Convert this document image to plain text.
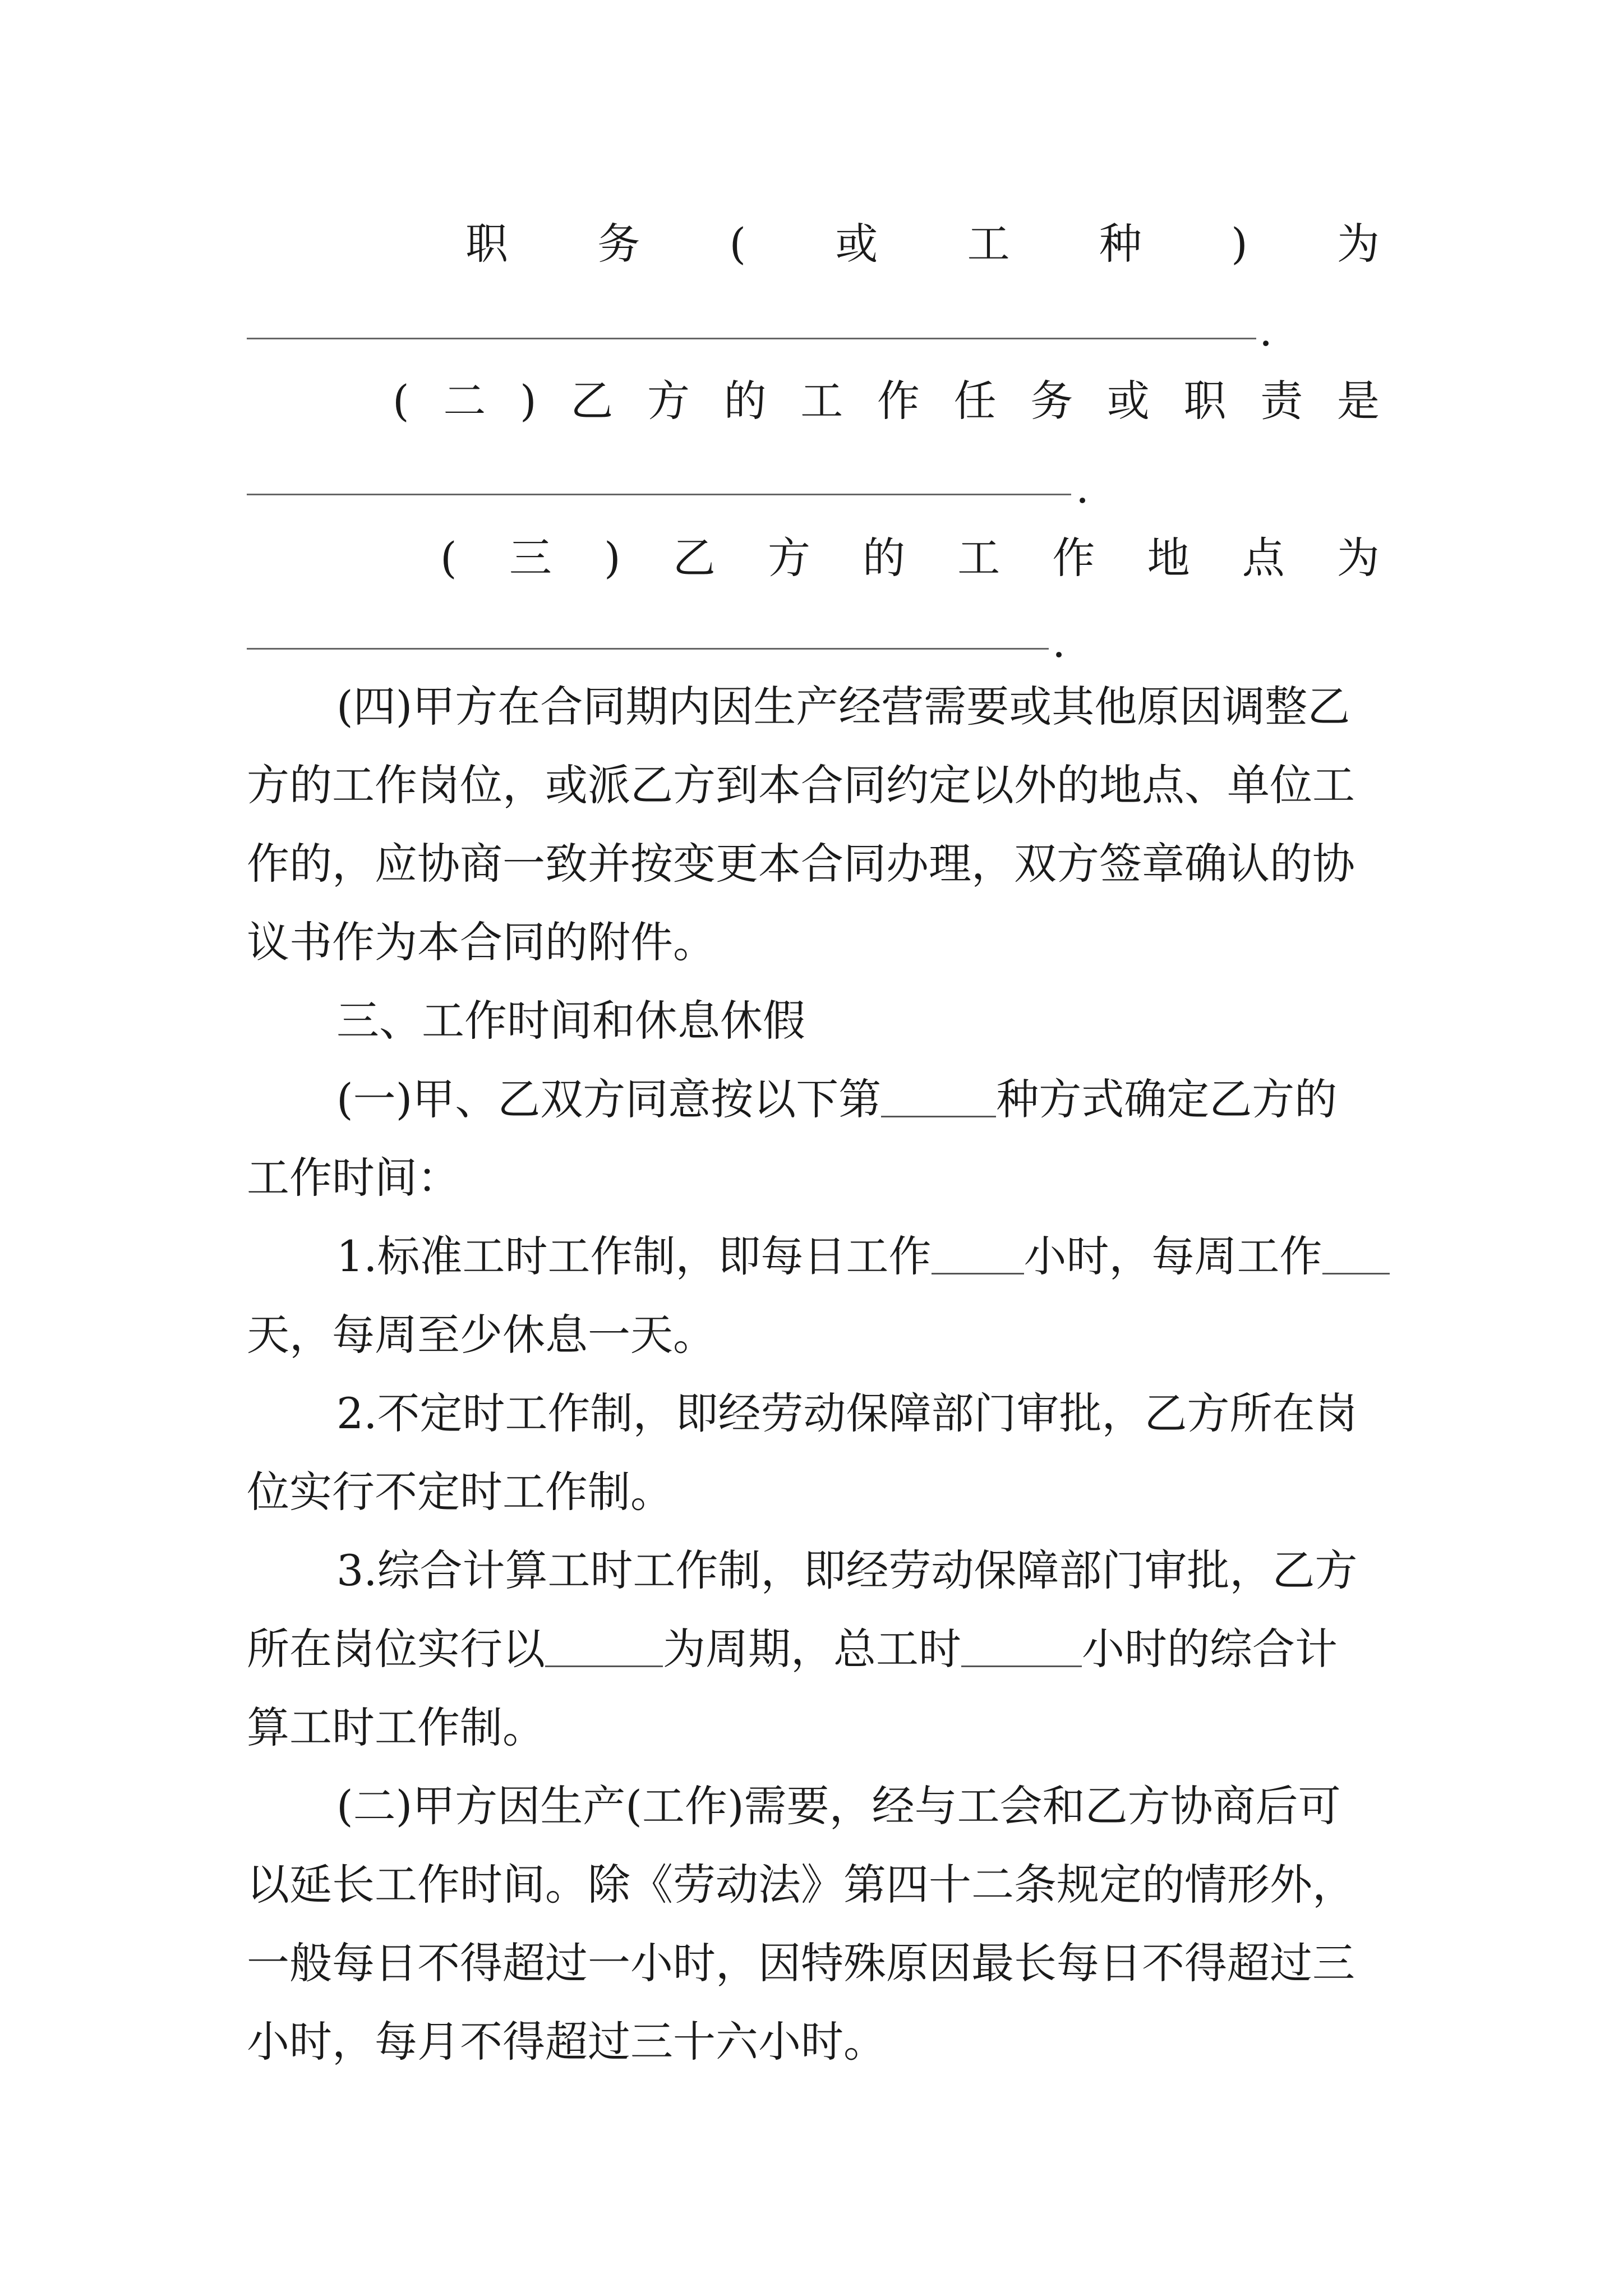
职 务 ( 或 工 种 ) 为
.
( 二 ) 乙 方 的 工 作 任 务 或 职 责 是
.
( 三 ) 乙 方 的 工 作 地 点 为
.
(四)甲方在合同期内因生产经营需要或其他原因调整乙
方的工作岗位，或派乙方到本合同约定以外的地点、单位工
作的，应协商一致并按变更本合同办理，双方签章确认的协
议书作为本合同的附件。
三、工作时间和休息休假
(一)甲、乙双方同意按以下第	种方式确定乙方的
工作时间：
1.标准工时工作制，即每日工作 小时，每周工作
天，每周至少休息一天。
2.不定时工作制，即经劳动保障部门审批，乙方所在岗
位实行不定时工作制。
3.综合计算工时工作制，即经劳动保障部门审批，乙方
所在岗位实行以	为周期，总工时	小时的综合计
算工时工作制。
(二)甲方因生产(工作)需要，经与工会和乙方协商后可
以延长工作时间。除《劳动法》第四十二条规定的情形外，
一般每日不得超过一小时，因特殊原因最长每日不得超过三
小时，每月不得超过三十六小时。
